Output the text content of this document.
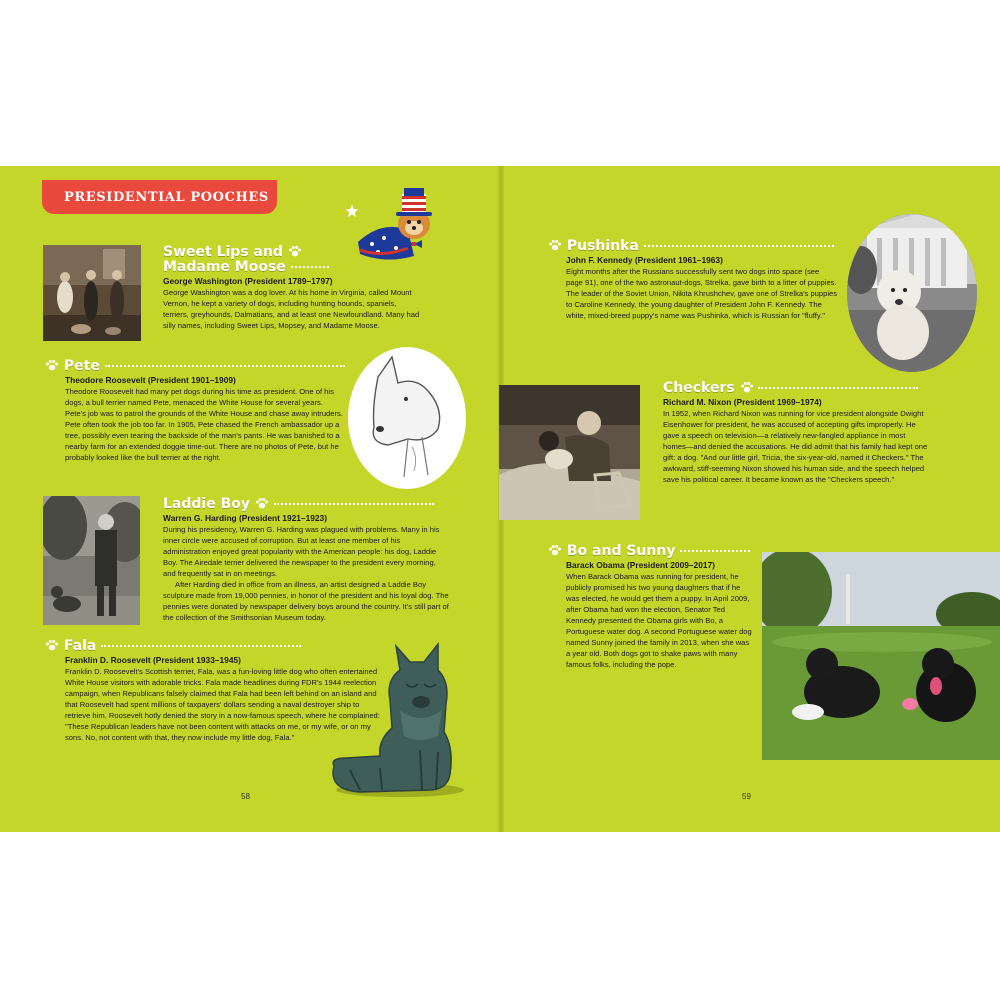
PRESIDENTIAL POOCHES
Sweet Lips and
Madame Moose
George Washington (President 1789–1797)
George Washington was a dog lover. At his home in Virginia, called Mount Vernon, he kept a variety of dogs, including hunting hounds, spaniels, terriers, greyhounds, Dalmatians, and at least one Newfoundland. Many had silly names, including Sweet Lips, Mopsey, and Madame Moose.
Pete
Theodore Roosevelt (President 1901–1909)
Theodore Roosevelt had many pet dogs during his time as president. One of his dogs, a bull terrier named Pete, menaced the White House for several years. Pete's job was to patrol the grounds of the White House and chase away intruders. Pete often took the job too far. In 1905, Pete chased the French ambassador up a tree, possibly even tearing the backside of the man's pants. He was banished to a nearby farm for an extended doggie time-out. There are no photos of Pete, but he probably looked like the bull terrier at the right.
Laddie Boy
Warren G. Harding (President 1921–1923)
During his presidency, Warren G. Harding was plagued with problems. Many in his inner circle were accused of corruption. But at least one member of his administration enjoyed great popularity with the American people: his dog, Laddie Boy. The Airedale terrier delivered the newspaper to the president every morning, and frequently sat in on meetings.
After Harding died in office from an illness, an artist designed a Laddie Boy sculpture made from 19,000 pennies, in honor of the president and his loyal dog. The pennies were donated by newspaper delivery boys around the country. It's still part of the collection of the Smithsonian Museum today.
Fala
Franklin D. Roosevelt (President 1933–1945)
Franklin D. Roosevelt's Scottish terrier, Fala, was a fun-loving little dog who often entertained White House visitors with adorable tricks. Fala made headlines during FDR's 1944 reelection campaign, when Republicans falsely claimed that Fala had been left behind on an island and that Roosevelt had spent millions of taxpayers' dollars sending a naval destroyer ship to retrieve him. Roosevelt hotly denied the story in a now-famous speech, where he complained: "These Republican leaders have not been content with attacks on me, or my wife, or on my sons. No, not content with that, they now include my little dog, Fala."
Pushinka
John F. Kennedy (President 1961–1963)
Eight months after the Russians successfully sent two dogs into space (see page 91), one of the two astronaut-dogs, Strelka, gave birth to a litter of puppies. The leader of the Soviet Union, Nikita Khrushchev, gave one of Strelka's puppies to Caroline Kennedy, the young daughter of President John F. Kennedy. The white, mixed-breed puppy's name was Pushinka, which is Russian for "fluffy."
Checkers
Richard M. Nixon (President 1969–1974)
In 1952, when Richard Nixon was running for vice president alongside Dwight Eisenhower for president, he was accused of accepting gifts improperly. He gave a speech on television—a relatively new-fangled appliance in most homes—and denied the accusations. He did admit that his family had kept one gift: a dog. "And our little girl, Tricia, the six-year-old, named it Checkers." The awkward, stiff-seeming Nixon showed his human side, and the speech helped save his political career. It became known as the "Checkers speech."
Bo and Sunny
Barack Obama (President 2009–2017)
When Barack Obama was running for president, he publicly promised his two young daughters that if he was elected, he would get them a puppy. In April 2009, after Obama had won the election, Senator Ted Kennedy presented the Obama girls with Bo, a Portuguese water dog. A second Portuguese water dog named Sunny joined the family in 2013, when she was a year old. Both dogs got to shake paws with many famous folks, including the pope.
58	59
